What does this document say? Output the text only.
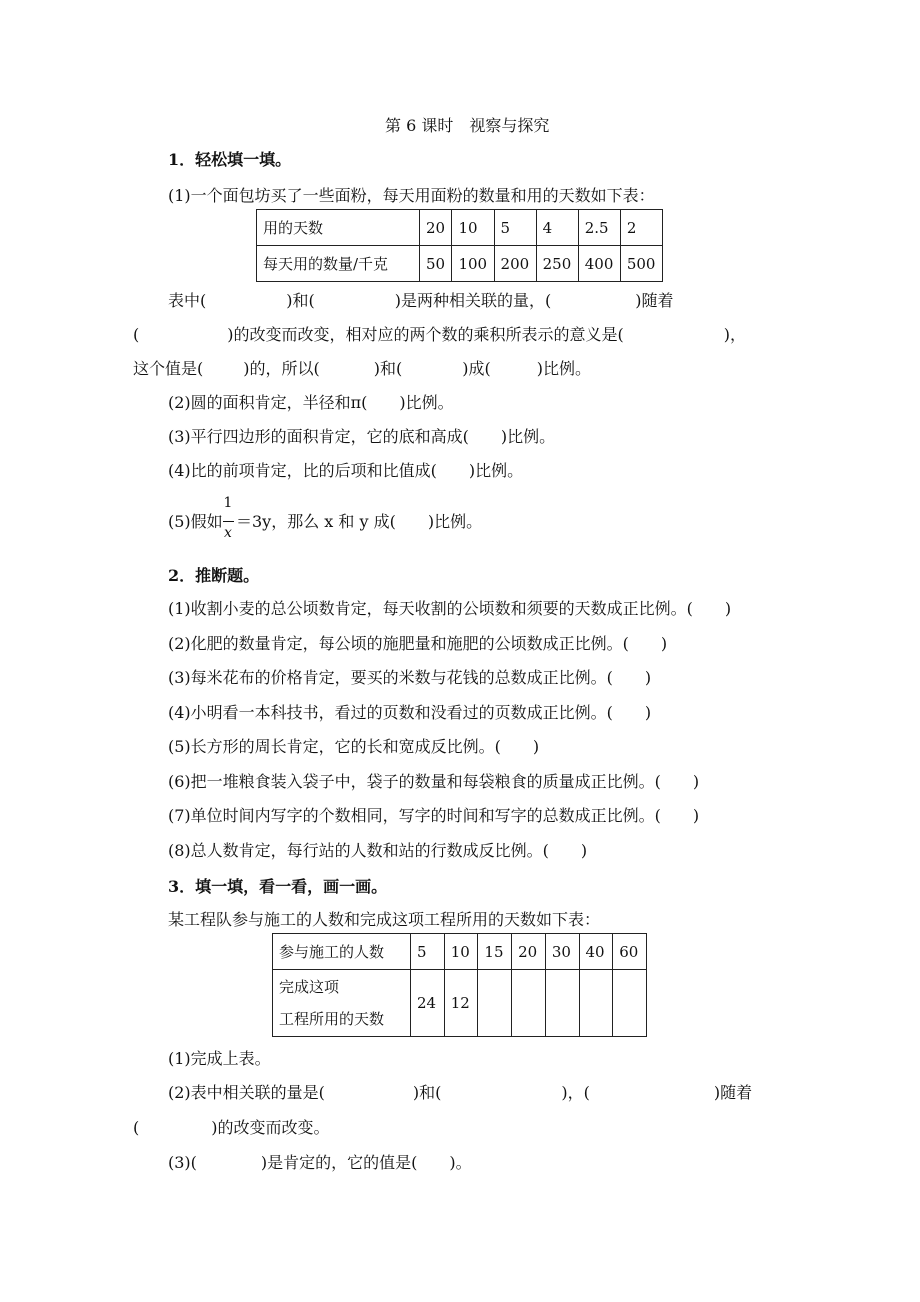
第 6 课时　视察与探究
1．轻松填一填。
(1)一个面包坊买了一些面粉，每天用面粉的数量和用的天数如下表：
用的天数	20	10	5	4	2.5	2
每天用的数量/千克	50	100	200	250	400	500
表中(	)和(	)是两种相关联的量，(	)随着
(	)的改变而改变，相对应的两个数的乘积所表示的意义是(	)，
这个值是(	)的，所以(	)和(	)成(	)比例。
(2)圆的面积肯定，半径和π(　　)比例。
(3)平行四边形的面积肯定，它的底和高成(　　)比例。
(4)比的前项肯定，比的后项和比值成(　　)比例。
(5)假如
1
x
＝3y，那么 x 和 y 成(　　)比例。
2．推断题。
(1)收割小麦的总公顷数肯定，每天收割的公顷数和须要的天数成正比例。(　　)
(2)化肥的数量肯定，每公顷的施肥量和施肥的公顷数成正比例。(　　)
(3)每米花布的价格肯定，要买的米数与花钱的总数成正比例。(　　)
(4)小明看一本科技书，看过的页数和没看过的页数成正比例。(　　)
(5)长方形的周长肯定，它的长和宽成反比例。(　　)
(6)把一堆粮食装入袋子中，袋子的数量和每袋粮食的质量成正比例。(　　)
(7)单位时间内写字的个数相同，写字的时间和写字的总数成正比例。(　　)
(8)总人数肯定，每行站的人数和站的行数成反比例。(　　)
3．填一填，看一看，画一画。
某工程队参与施工的人数和完成这项工程所用的天数如下表：
参与施工的人数	5	10	15	20	30	40	60

完成这项
工程所用的天数	24	12					
(1)完成上表。
(2)表中相关联的量是(	)和(	)，(	)随着
(	)的改变而改变。
(3)(	)是肯定的，它的值是( )。
